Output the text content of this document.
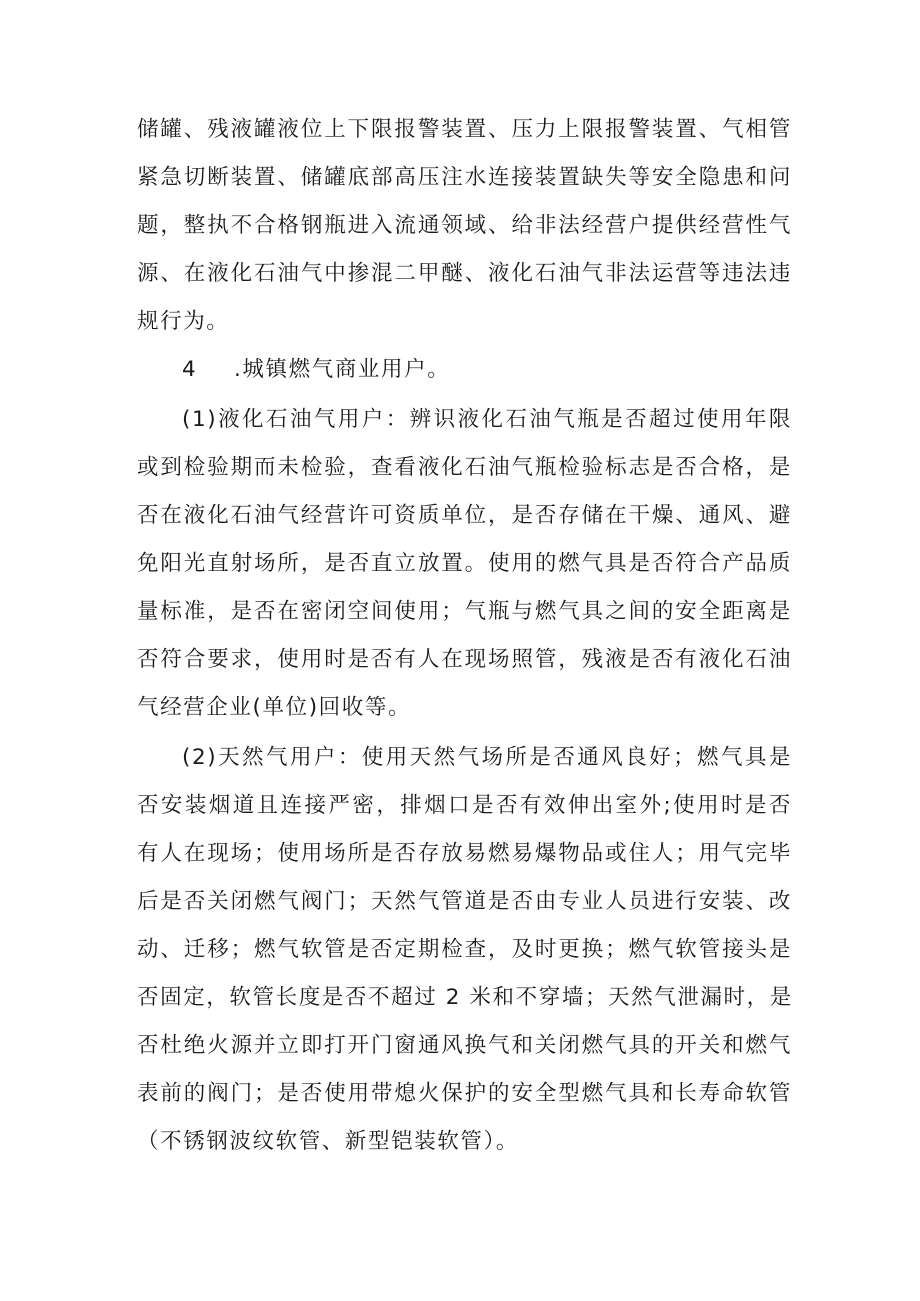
储罐、残液罐液位上下限报警装置、压力上限报警装置、气相管
紧急切断装置、储罐底部高压注水连接装置缺失等安全隐患和问
题，整执不合格钢瓶进入流通领域、给非法经营户提供经营性气
源、在液化石油气中掺混二甲醚、液化石油气非法运营等违法违
规行为。
4 .城镇燃气商业用户。
(1)液化石油气用户：辨识液化石油气瓶是否超过使用年限
或到检验期而未检验，查看液化石油气瓶检验标志是否合格，是
否在液化石油气经营许可资质单位，是否存储在干燥、通风、避
免阳光直射场所，是否直立放置。使用的燃气具是否符合产品质
量标准，是否在密闭空间使用；气瓶与燃气具之间的安全距离是
否符合要求，使用时是否有人在现场照管，残液是否有液化石油
气经营企业(单位)回收等。
(2)天然气用户：使用天然气场所是否通风良好；燃气具是
否安装烟道且连接严密，排烟口是否有效伸出室外;使用时是否
有人在现场；使用场所是否存放易燃易爆物品或住人；用气完毕
后是否关闭燃气阀门；天然气管道是否由专业人员进行安装、改
动、迁移；燃气软管是否定期检查，及时更换；燃气软管接头是
否固定，软管长度是否不超过 2 米和不穿墙；天然气泄漏时，是
否杜绝火源并立即打开门窗通风换气和关闭燃气具的开关和燃气
表前的阀门；是否使用带熄火保护的安全型燃气具和长寿命软管
（不锈钢波纹软管、新型铠装软管）。
